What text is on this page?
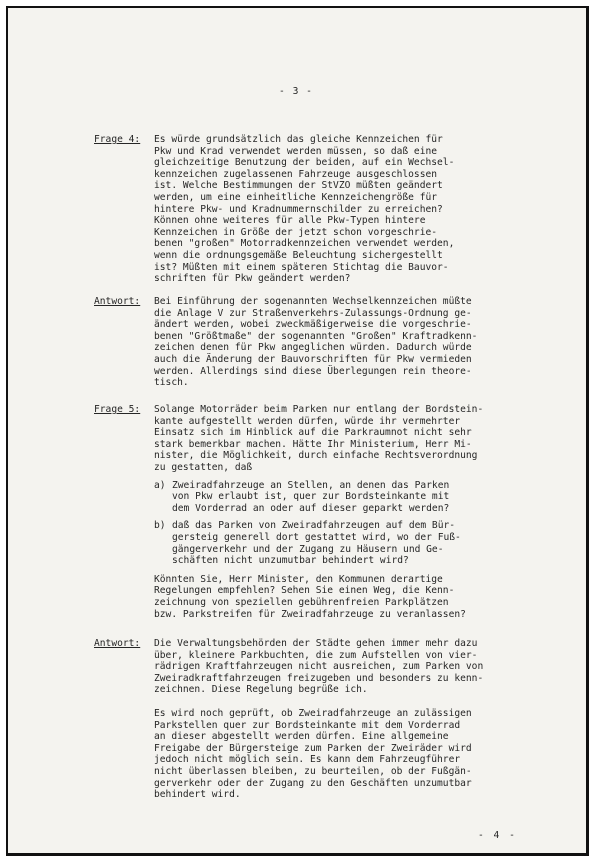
- 3 -
Frage 4: Es würde grundsätzlich das gleiche Kennzeichen für
Pkw und Krad verwendet werden müssen, so daß eine
gleichzeitige Benutzung der beiden, auf ein Wechsel-
kennzeichen zugelassenen Fahrzeuge ausgeschlossen
ist. Welche Bestimmungen der StVZO müßten geändert
werden, um eine einheitliche Kennzeichengröße für
hintere Pkw- und Kradnummernschilder zu erreichen?
Können ohne weiteres für alle Pkw-Typen hintere
Kennzeichen in Größe der jetzt schon vorgeschrie-
benen "großen" Motorradkennzeichen verwendet werden,
wenn die ordnungsgemäße Beleuchtung sichergestellt
ist? Müßten mit einem späteren Stichtag die Bauvor-
schriften für Pkw geändert werden?
Antwort: Bei Einführung der sogenannten Wechselkennzeichen müßte
die Anlage V zur Straßenverkehrs-Zulassungs-Ordnung ge-
ändert werden, wobei zweckmäßigerweise die vorgeschrie-
benen "Größtmaße" der sogenannten "Großen" Kraftradkenn-
zeichen denen für Pkw angeglichen würden. Dadurch würde
auch die Änderung der Bauvorschriften für Pkw vermieden
werden. Allerdings sind diese Überlegungen rein theore-
tisch.
Frage 5: Solange Motorräder beim Parken nur entlang der Bordstein-
kante aufgestellt werden dürfen, würde ihr vermehrter
Einsatz sich im Hinblick auf die Parkraumnot nicht sehr
stark bemerkbar machen. Hätte Ihr Ministerium, Herr Mi-
nister, die Möglichkeit, durch einfache Rechtsverordnung
zu gestatten, daß
a) Zweiradfahrzeuge an Stellen, an denen das Parken
von Pkw erlaubt ist, quer zur Bordsteinkante mit
dem Vorderrad an oder auf dieser geparkt werden?
b) daß das Parken von Zweiradfahrzeugen auf dem Bür-
gersteig generell dort gestattet wird, wo der Fuß-
gängerverkehr und der Zugang zu Häusern und Ge-
schäften nicht unzumutbar behindert wird?
Könnten Sie, Herr Minister, den Kommunen derartige
Regelungen empfehlen? Sehen Sie einen Weg, die Kenn-
zeichnung von speziellen gebührenfreien Parkplätzen
bzw. Parkstreifen für Zweiradfahrzeuge zu veranlassen?
Antwort: Die Verwaltungsbehörden der Städte gehen immer mehr dazu
über, kleinere Parkbuchten, die zum Aufstellen von vier-
rädrigen Kraftfahrzeugen nicht ausreichen, zum Parken von
Zweiradkraftfahrzeugen freizugeben und besonders zu kenn-
zeichnen. Diese Regelung begrüße ich.
Es wird noch geprüft, ob Zweiradfahrzeuge an zulässigen
Parkstellen quer zur Bordsteinkante mit dem Vorderrad
an dieser abgestellt werden dürfen. Eine allgemeine
Freigabe der Bürgersteige zum Parken der Zweiräder wird
jedoch nicht möglich sein. Es kann dem Fahrzeugführer
nicht überlassen bleiben, zu beurteilen, ob der Fußgän-
gerverkehr oder der Zugang zu den Geschäften unzumutbar
behindert wird.
- 4 -
